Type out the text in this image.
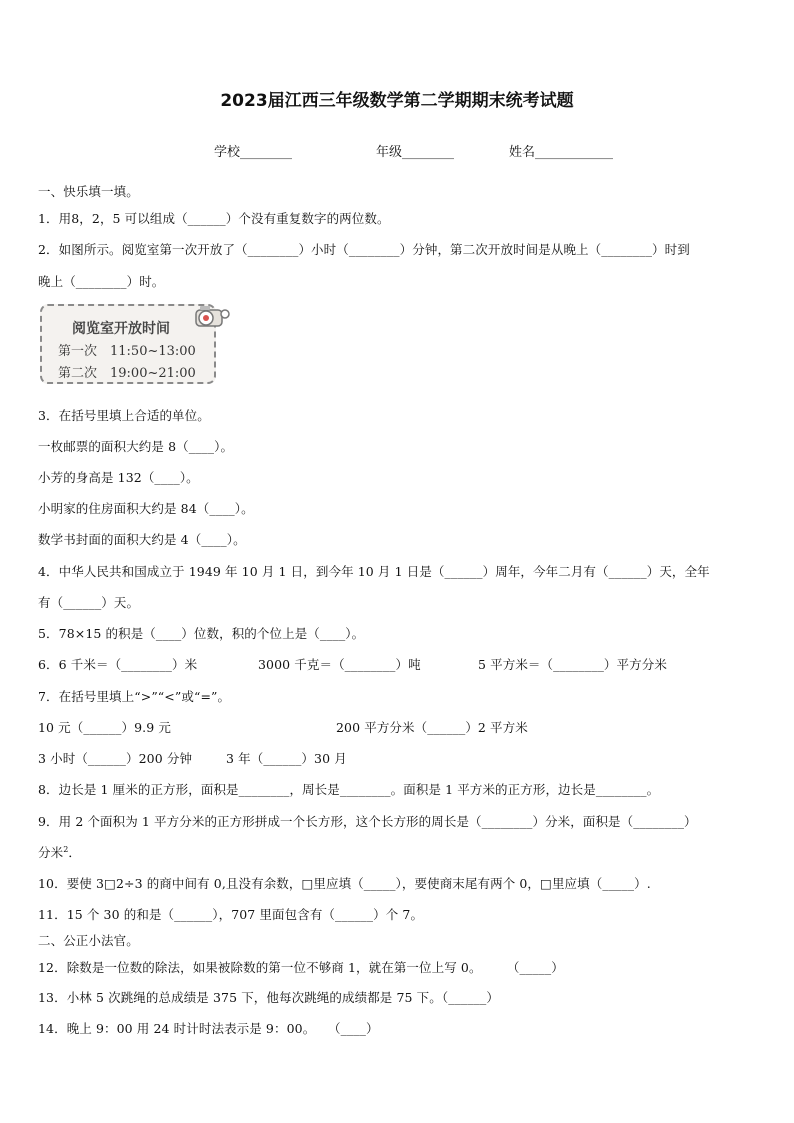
2023届江西三年级数学第二学期期末统考试题
学校________	年级________	姓名____________
一、快乐填一填。
1．用8，2，5 可以组成（______）个没有重复数字的两位数。
2．如图所示。阅览室第一次开放了（________）小时（________）分钟，第二次开放时间是从晚上（________）时到
晚上（________）时。
阅览室开放时间
第一次　11:50~13:00
第二次　19:00~21:00
3．在括号里填上合适的单位。
一枚邮票的面积大约是 8（____）。
小芳的身高是 132（____）。
小明家的住房面积大约是 84（____）。
数学书封面的面积大约是 4（____）。
4．中华人民共和国成立于 1949 年 10 月 1 日，到今年 10 月 1 日是（______）周年，今年二月有（______）天，全年
有（______）天。
5．78×15 的积是（____）位数，积的个位上是（____）。
6．6 千米＝（________）米	3000 千克＝（________）吨	5 平方米＝（________）平方分米
7．在括号里填上“>”“<”或“=”。
10 元（______）9.9 元	200 平方分米（______）2 平方米
3 小时（______）200 分钟	3 年（______）30 月
8．边长是 1 厘米的正方形，面积是________，周长是________。面积是 1 平方米的正方形，边长是________。
9．用 2 个面积为 1 平方分米的正方形拼成一个长方形，这个长方形的周长是（________）分米，面积是（________）
分米$^2$．
10．要使 3□2÷3 的商中间有 0,且没有余数，□里应填（_____），要使商末尾有两个 0，□里应填（_____）.
11．15 个 30 的和是（______），707 里面包含有（______）个 7。
二、公正小法官。
12．除数是一位数的除法，如果被除数的第一位不够商 1，就在第一位上写 0。　　　（_____）
13．小林 5 次跳绳的总成绩是 375 下，他每次跳绳的成绩都是 75 下。（______）
14．晚上 9：00 用 24 时计时法表示是 9：00。　　（____）
